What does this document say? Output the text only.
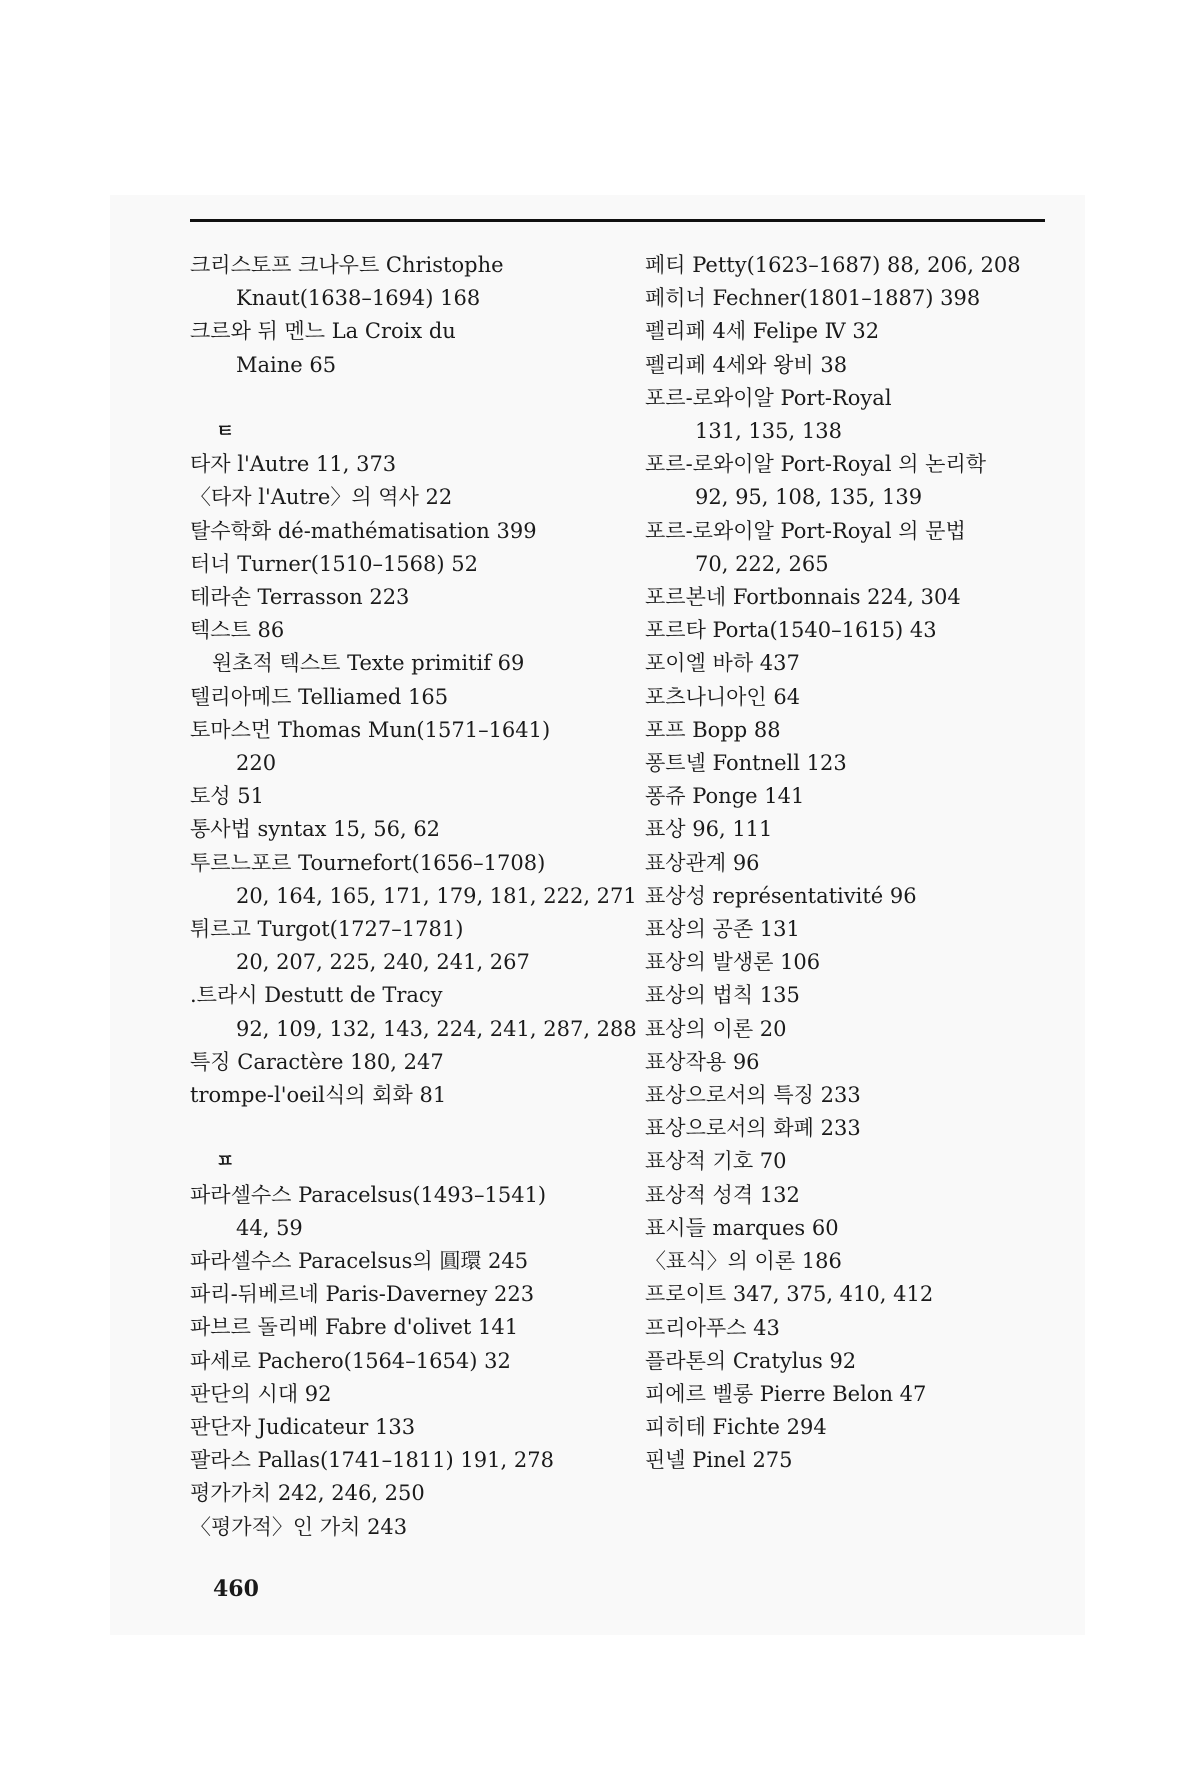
크리스토프 크나우트 Christophe
Knaut(1638–1694) 168
크르와 뒤 멘느 La Croix du
Maine 65
ㅌ
타자 l'Autre 11, 373
〈타자 l'Autre〉의 역사 22
탈수학화 dé-mathématisation 399
터너 Turner(1510–1568) 52
테라손 Terrasson 223
텍스트 86
원초적 텍스트 Texte primitif 69
텔리아메드 Telliamed 165
토마스먼 Thomas Mun(1571–1641)
220
토성 51
통사법 syntax 15, 56, 62
투르느포르 Tournefort(1656–1708)
20, 164, 165, 171, 179, 181, 222, 271
튀르고 Turgot(1727–1781)
20, 207, 225, 240, 241, 267
.트라시 Destutt de Tracy
92, 109, 132, 143, 224, 241, 287, 288
특징 Caractère 180, 247
trompe-l'oeil식의 회화 81
ㅍ
파라셀수스 Paracelsus(1493–1541)
44, 59
파라셀수스 Paracelsus의 圓環 245
파리-뒤베르네 Paris-Daverney 223
파브르 돌리베 Fabre d'olivet 141
파세로 Pachero(1564–1654) 32
판단의 시대 92
판단자 Judicateur 133
팔라스 Pallas(1741–1811) 191, 278
평가가치 242, 246, 250
〈평가적〉인 가치 243
페티 Petty(1623–1687) 88, 206, 208
페히너 Fechner(1801–1887) 398
펠리페 4세 Felipe Ⅳ 32
펠리페 4세와 왕비 38
포르-로와이알 Port-Royal
131, 135, 138
포르-로와이알 Port-Royal 의 논리학
92, 95, 108, 135, 139
포르-로와이알 Port-Royal 의 문법
70, 222, 265
포르본네 Fortbonnais 224, 304
포르타 Porta(1540–1615) 43
포이엘 바하 437
포츠나니아인 64
포프 Bopp 88
퐁트넬 Fontnell 123
퐁쥬 Ponge 141
표상 96, 111
표상관계 96
표상성 représentativité 96
표상의 공존 131
표상의 발생론 106
표상의 법칙 135
표상의 이론 20
표상작용 96
표상으로서의 특징 233
표상으로서의 화폐 233
표상적 기호 70
표상적 성격 132
표시들 marques 60
〈표식〉의 이론 186
프로이트 347, 375, 410, 412
프리아푸스 43
플라톤의 Cratylus 92
피에르 벨롱 Pierre Belon 47
피히테 Fichte 294
핀넬 Pinel 275
460
